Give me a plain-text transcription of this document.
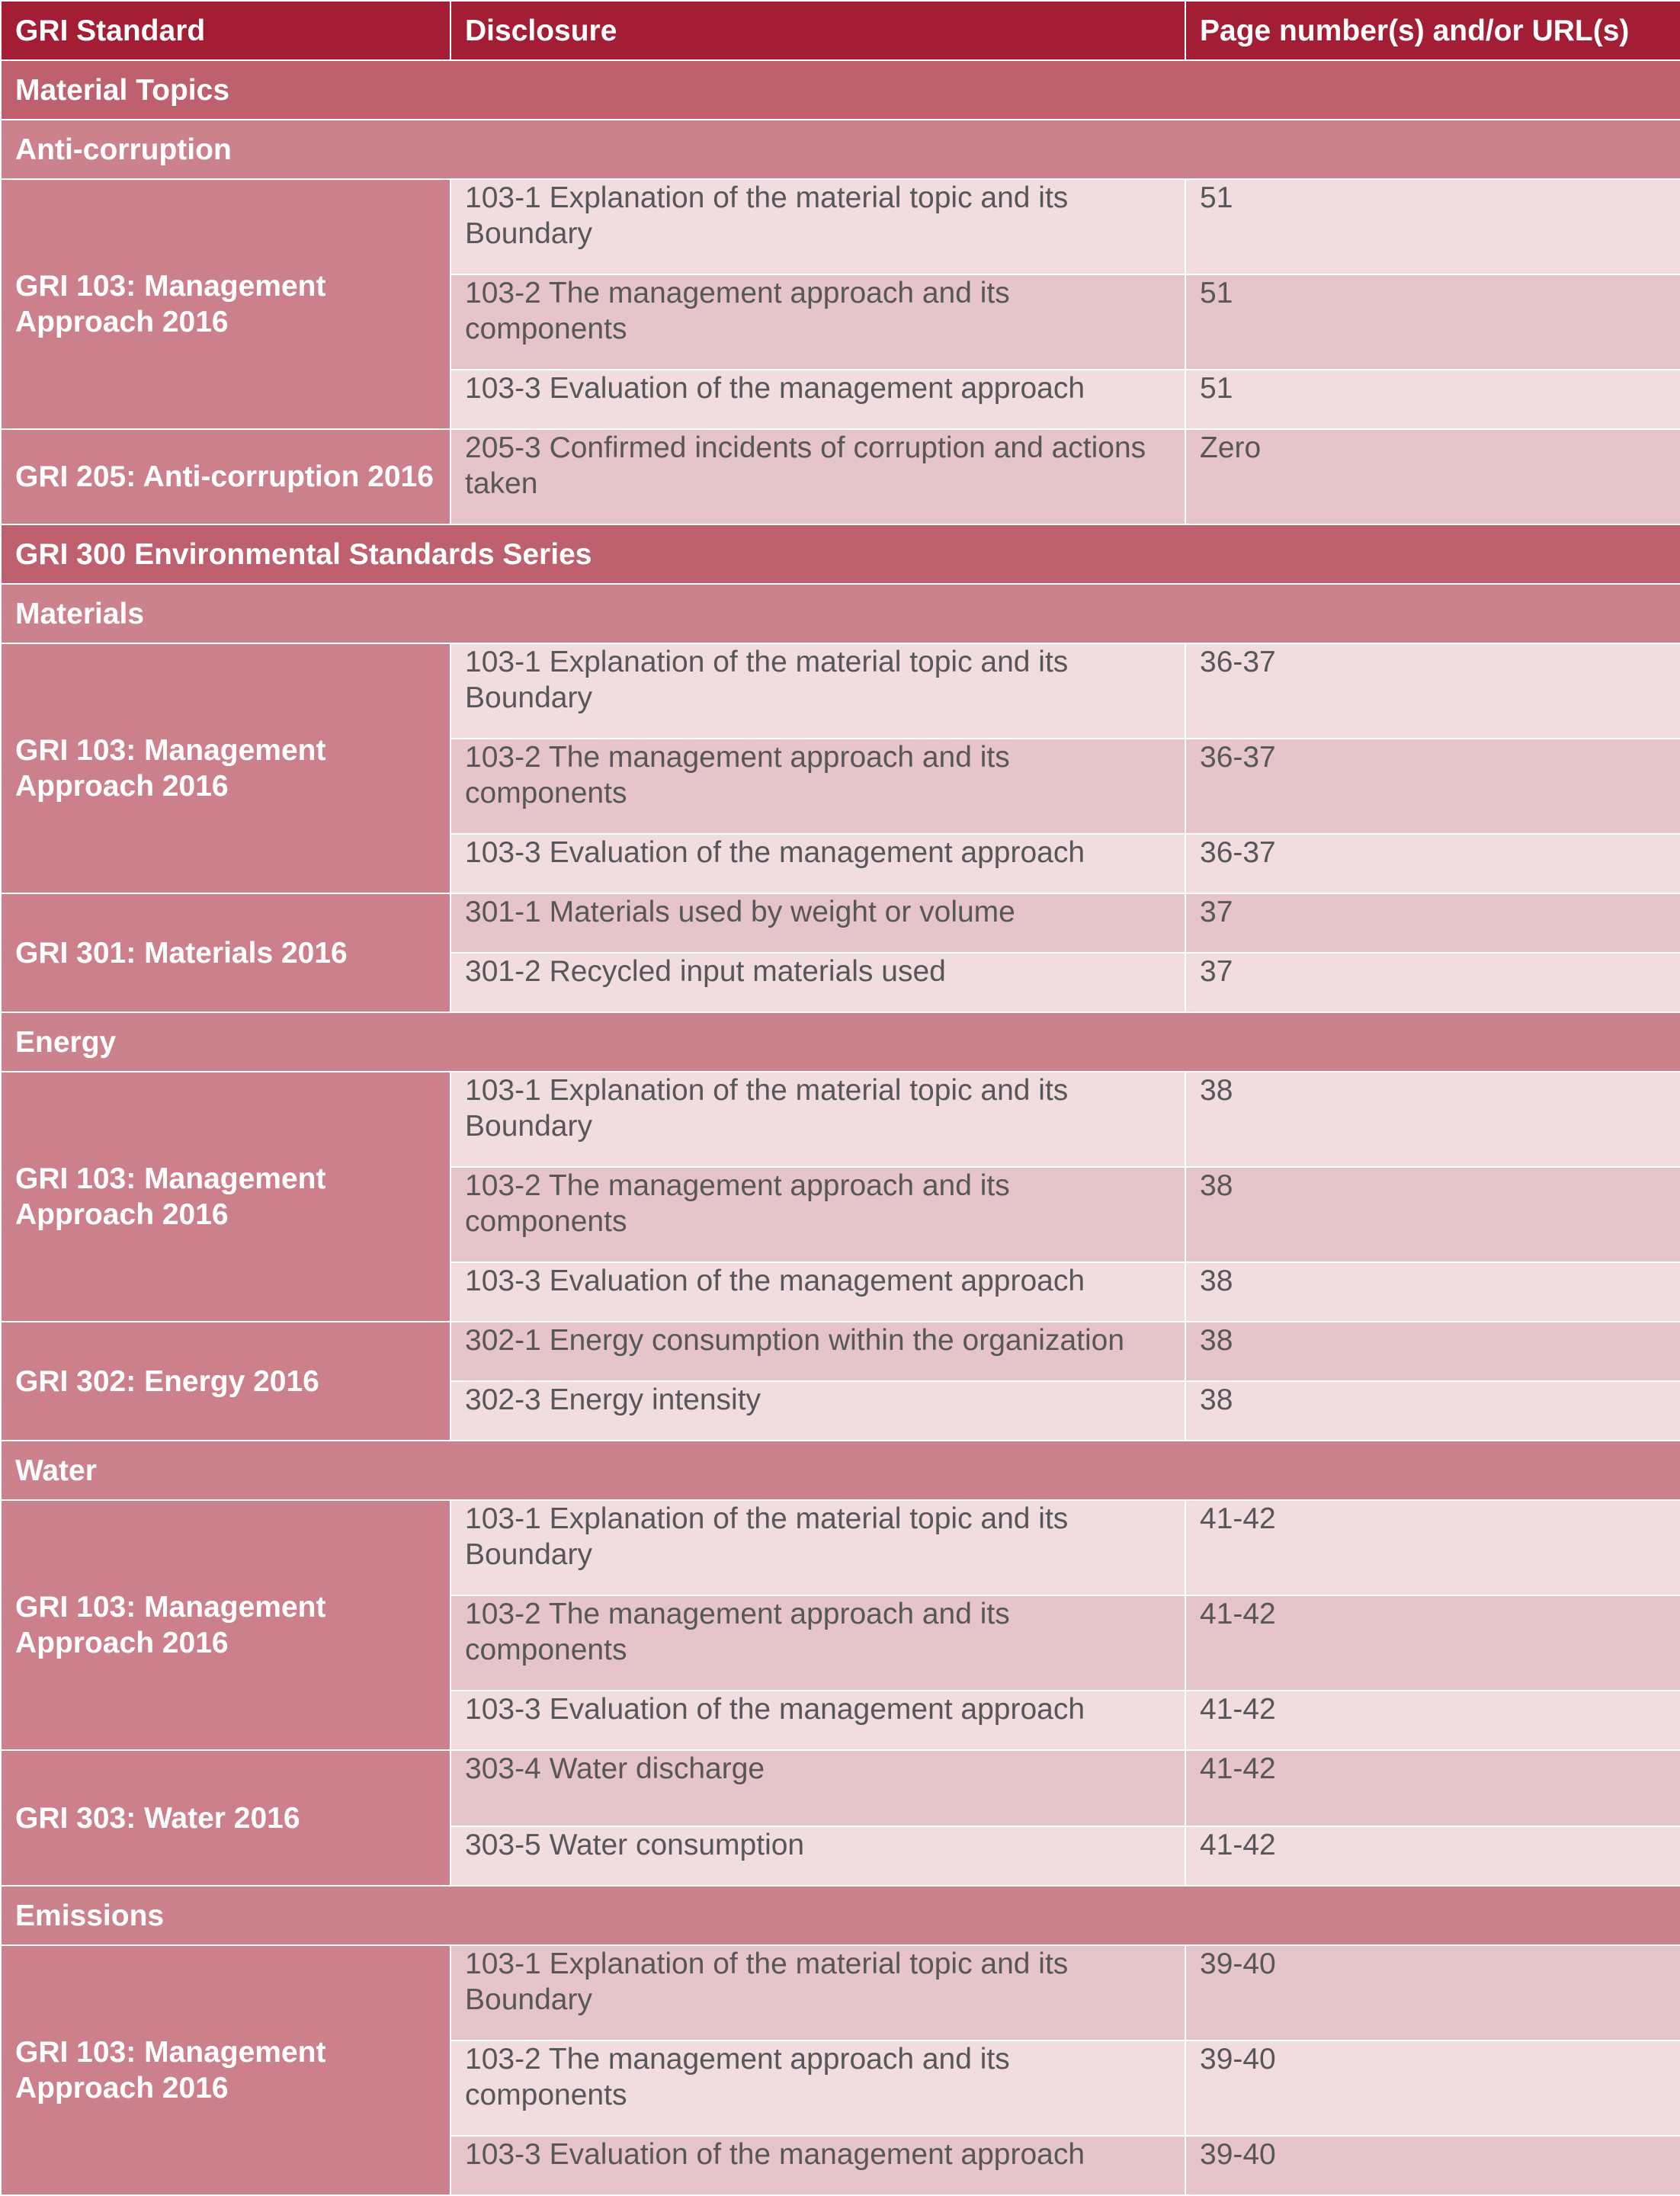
GRI Standard	Disclosure	Page number(s) and/or URL(s)
Material Topics		
Anti-corruption		
GRI 103: Management Approach 2016	103-1 Explanation of the material topic and its Boundary	51
	103-2 The management approach and its components	51
	103-3 Evaluation of the management approach	51
GRI 205: Anti-corruption 2016	205-3 Confirmed incidents of corruption and actions taken	Zero
GRI 300 Environmental Standards Series		
Materials		
GRI 103: Management Approach 2016	103-1 Explanation of the material topic and its Boundary	36-37
	103-2 The management approach and its components	36-37
	103-3 Evaluation of the management approach	36-37
GRI 301: Materials 2016	301-1 Materials used by weight or volume	37
	301-2 Recycled input materials used	37
Energy		
GRI 103: Management Approach 2016	103-1 Explanation of the material topic and its Boundary	38
	103-2 The management approach and its components	38
	103-3 Evaluation of the management approach	38
GRI 302: Energy 2016	302-1 Energy consumption within the organization	38
	302-3 Energy intensity	38
Water		
GRI 103: Management Approach 2016	103-1 Explanation of the material topic and its Boundary	41-42
	103-2 The management approach and its components	41-42
	103-3 Evaluation of the management approach	41-42
GRI 303: Water 2016	303-4 Water discharge	41-42
	303-5 Water consumption	41-42
Emissions		
GRI 103: Management Approach 2016	103-1 Explanation of the material topic and its Boundary	39-40
	103-2 The management approach and its components	39-40
	103-3 Evaluation of the management approach	39-40
